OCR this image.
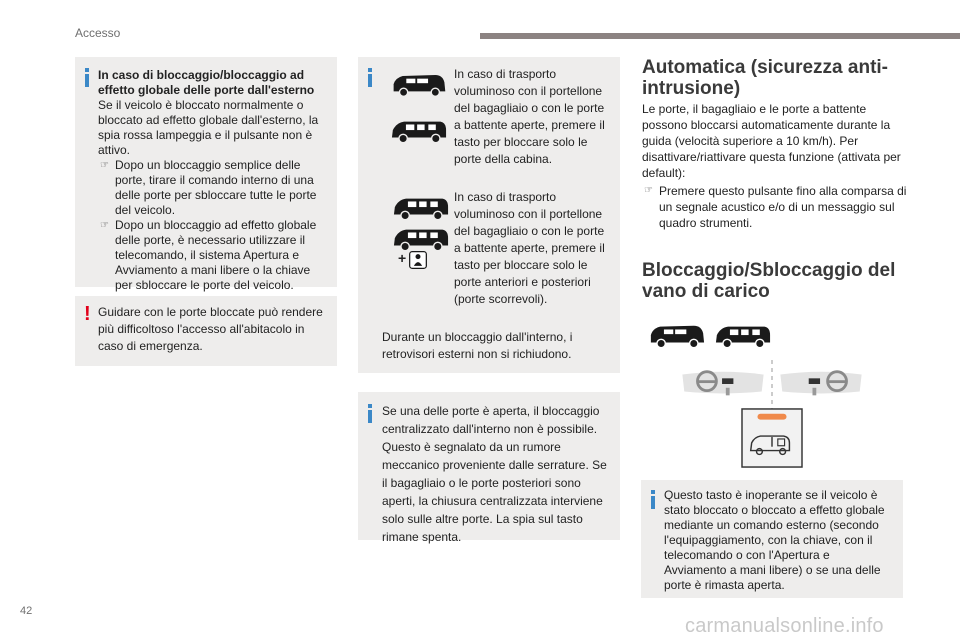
Accesso
In caso di bloccaggio/bloccaggio ad effetto globale delle porte dall'esterno
Se il veicolo è bloccato normalmente o bloccato ad effetto globale dall'esterno, la spia rossa lampeggia e il pulsante non è attivo.
☞ Dopo un bloccaggio semplice delle porte, tirare il comando interno di una delle porte per sbloccare tutte le porte del veicolo.
☞ Dopo un bloccaggio ad effetto globale delle porte, è necessario utilizzare il telecomando, il sistema Apertura e Avviamento a mani libere o la chiave per sbloccare le porte del veicolo.
! Guidare con le porte bloccate può rendere più difficoltoso l'accesso all'abitacolo in caso di emergenza.
In caso di trasporto voluminoso con il portellone del bagagliaio o con le porte a battente aperte, premere il tasto per bloccare solo le porte della cabina.
+
In caso di trasporto voluminoso con il portellone del bagagliaio o con le porte a battente aperte, premere il tasto per bloccare solo le porte anteriori e posteriori (porte scorrevoli).
Durante un bloccaggio dall'interno, i retrovisori esterni non si richiudono.
Se una delle porte è aperta, il bloccaggio centralizzato dall'interno non è possibile. Questo è segnalato da un rumore meccanico proveniente dalle serrature. Se il bagagliaio o le porte posteriori sono aperti, la chiusura centralizzata interviene solo sulle altre porte. La spia sul tasto rimane spenta.
Automatica (sicurezza anti-intrusione)
Le porte, il bagagliaio e le porte a battente possono bloccarsi automaticamente durante la guida (velocità superiore a 10 km/h). Per disattivare/riattivare questa funzione (attivata per default):
☞ Premere questo pulsante fino alla comparsa di un segnale acustico e/o di un messaggio sul quadro strumenti.
Bloccaggio/Sbloccaggio del vano di carico
Questo tasto è inoperante se il veicolo è stato bloccato o bloccato a effetto globale mediante un comando esterno (secondo l'equipaggiamento, con la chiave, con il telecomando o con l'Apertura e Avviamento a mani libere) o se una delle porte è rimasta aperta.
42
carmanualsonline.info
